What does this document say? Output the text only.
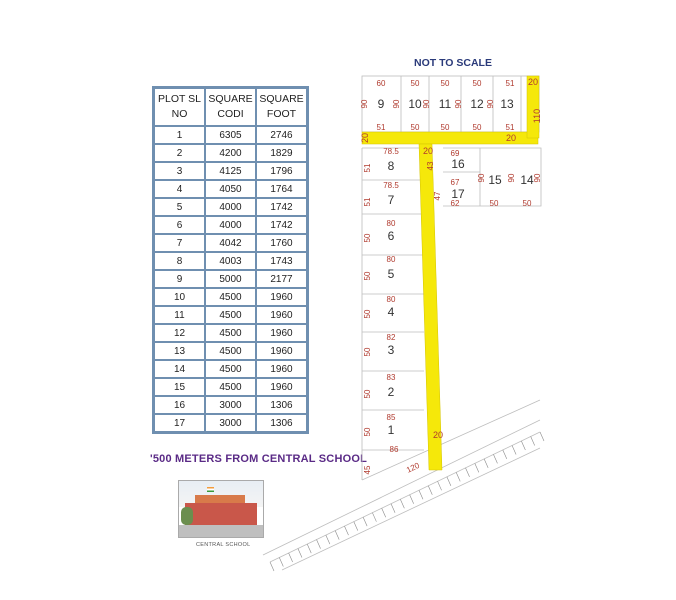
PLOT SL NO	SQUARE CODI	SQUARE FOOT
1	6305	2746
2	4200	1829
3	4125	1796
4	4050	1764
5	4000	1742
6	4000	1742
7	4042	1760
8	4003	1743
9	5000	2177
10	4500	1960
11	4500	1960
12	4500	1960
13	4500	1960
14	4500	1960
15	4500	1960
16	3000	1306
17	3000	1306
NOT TO SCALE
'500 METERS FROM CENTRAL SCHOOL
CENTRAL SCHOOL
9 10 11 12 13
60	50	50	50	51
51	50	50	50	51
90	90	90	90	90
16
17
15 14
69
67
62	50	50
90	90 90
8
7
6
5
4
3
2
1
78.5
78.5
80
80
80
82
83
85
86
51
51
50
50
50
50
50
50
20
20
20
20
110
43
47
20
45	120
